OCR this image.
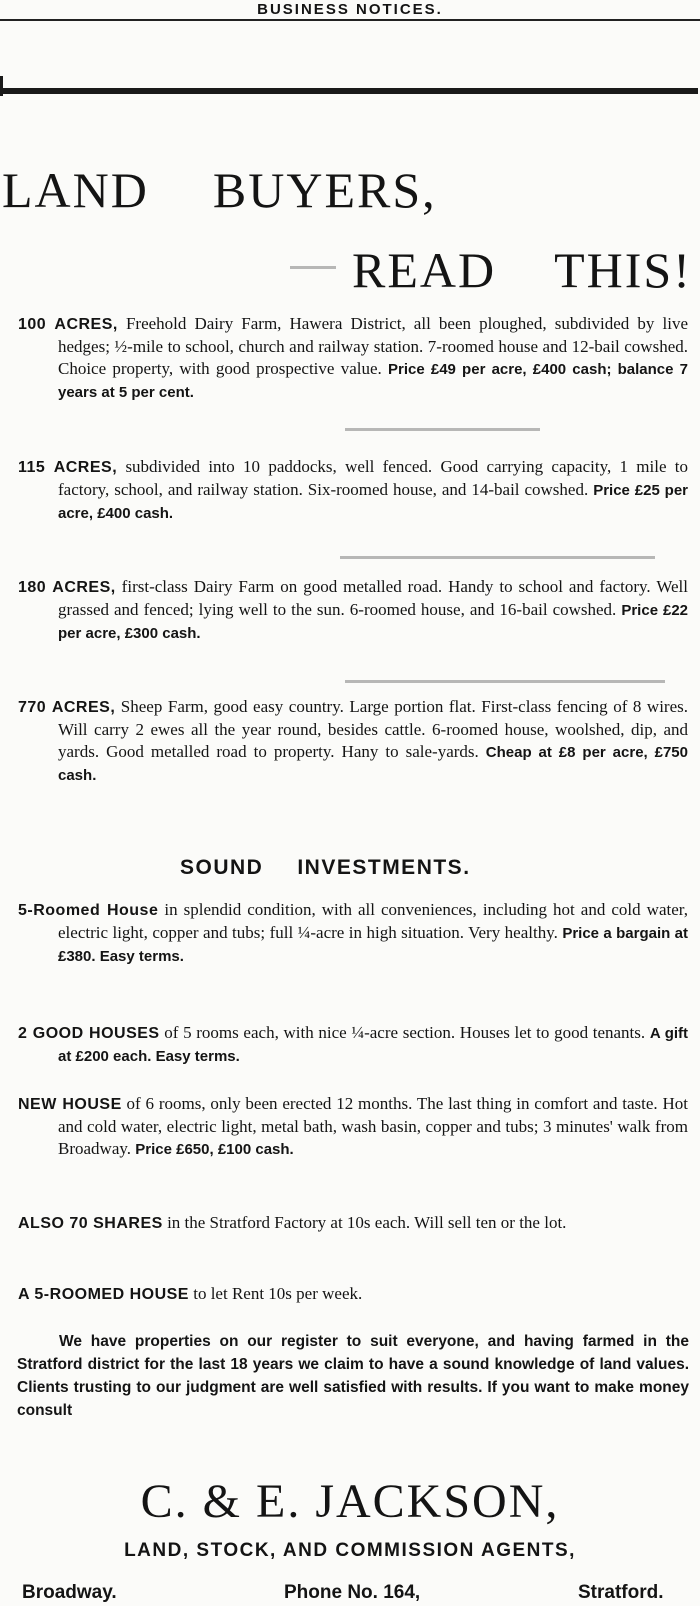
BUSINESS NOTICES.
LAND BUYERS,
READ THIS!

100 ACRES, Freehold Dairy Farm, Hawera District, all been ploughed, subdivided by live hedges; ½-mile to school, church and railway station. 7-roomed house and 12-bail cowshed. Choice property, with good prospective value. Price £49 per acre, £400 cash; balance 7 years at 5 per cent.

115 ACRES, subdivided into 10 paddocks, well fenced. Good carrying capacity, 1 mile to factory, school, and railway station. Six-roomed house, and 14-bail cowshed. Price £25 per acre, £400 cash.

180 ACRES, first-class Dairy Farm on good metalled road. Handy to school and factory. Well grassed and fenced; lying well to the sun. 6-roomed house, and 16-bail cowshed. Price £22 per acre, £300 cash.

770 ACRES, Sheep Farm, good easy country. Large portion flat. First-class fencing of 8 wires. Will carry 2 ewes all the year round, besides cattle. 6-roomed house, woolshed, dip, and yards. Good metalled road to property. Hany to sale-yards. Cheap at £8 per acre, £750 cash.

SOUND INVESTMENTS.

5-Roomed House in splendid condition, with all conveniences, including hot and cold water, electric light, copper and tubs; full ¼-acre in high situation. Very healthy. Price a bargain at £380. Easy terms.

2 GOOD HOUSES of 5 rooms each, with nice ¼-acre section. Houses let to good tenants. A gift at £200 each. Easy terms.

NEW HOUSE of 6 rooms, only been erected 12 months. The last thing in comfort and taste. Hot and cold water, electric light, metal bath, wash basin, copper and tubs; 3 minutes' walk from Broadway. Price £650, £100 cash.

ALSO 70 SHARES in the Stratford Factory at 10s each. Will sell ten or the lot.

A 5-ROOMED HOUSE to let Rent 10s per week.

We have properties on our register to suit everyone, and having farmed in the Stratford district for the last 18 years we claim to have a sound knowledge of land values. Clients trusting to our judgment are well satisfied with results. If you want to make money consult

C. & E. JACKSON,
LAND, STOCK, AND COMMISSION AGENTS,
Broadway.	Phone No. 164,	Stratford.
